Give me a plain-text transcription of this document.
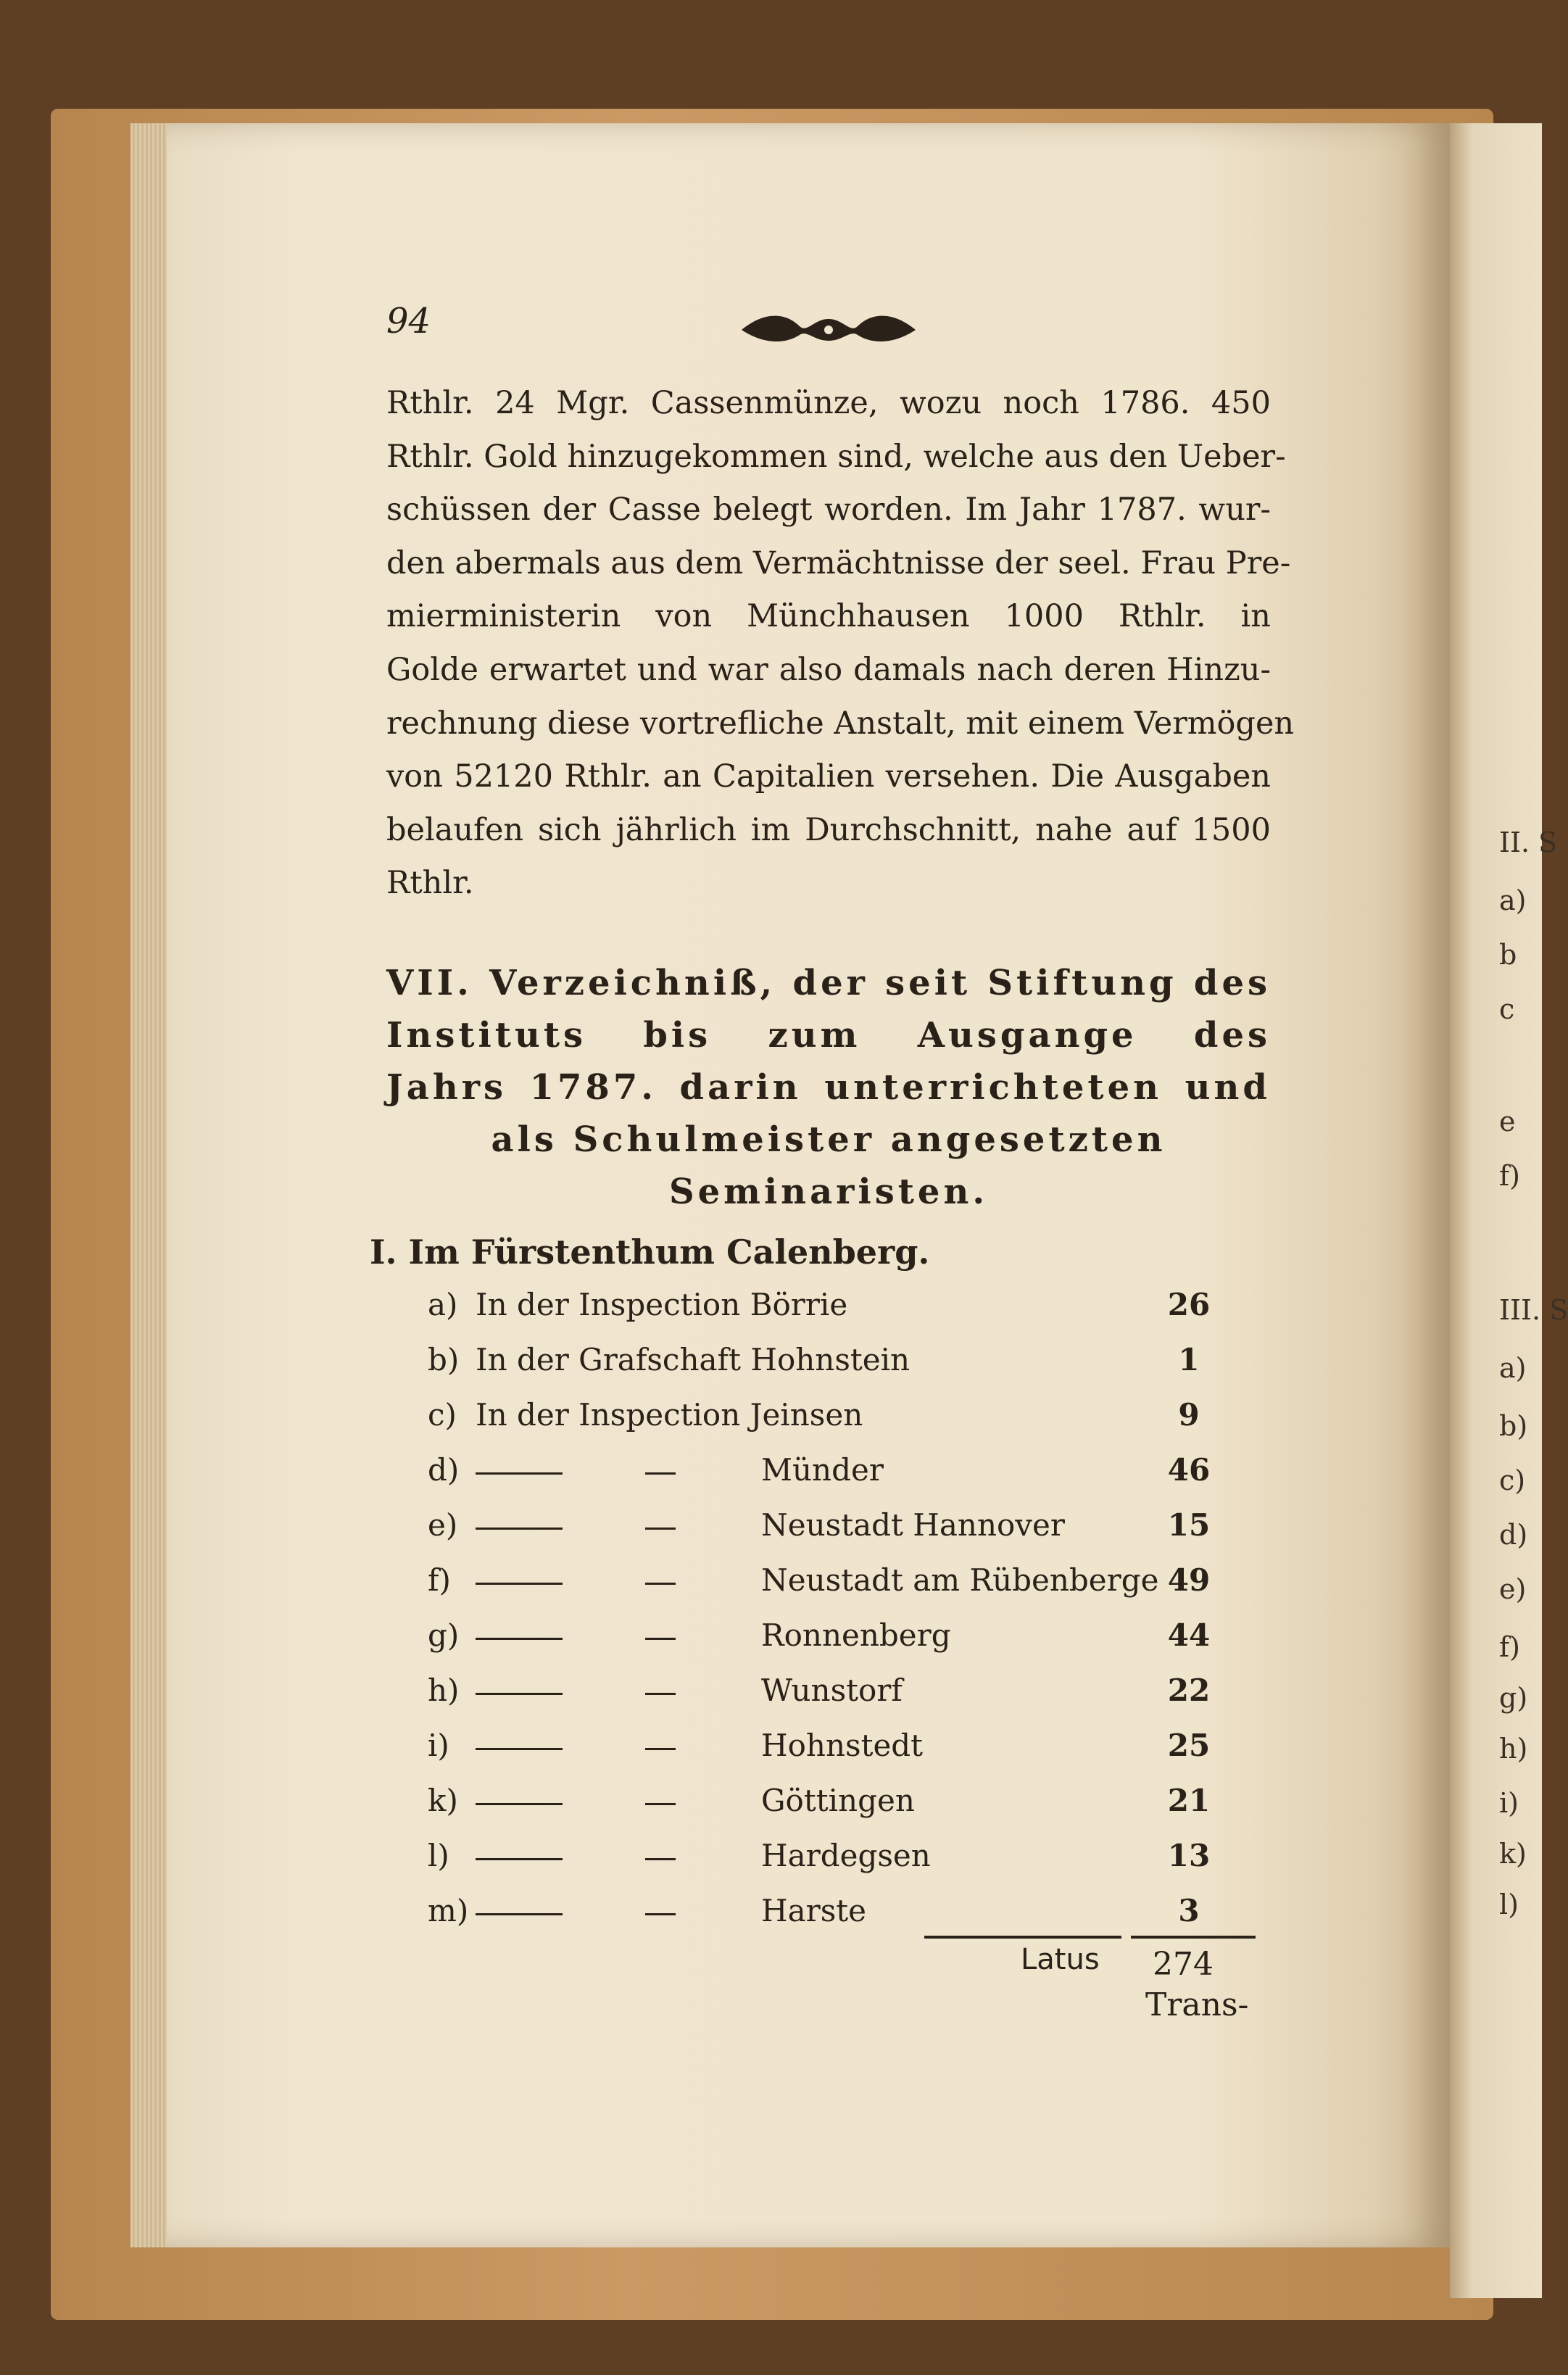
II. S
a)
b
c
e
f)
III. S
a)
b)
c)
d)
e)
f)
g)
h)
i)
k)
l)
94
Rthlr. 24 Mgr. Cassenmünze, wozu noch 1786. 450
Rthlr. Gold hinzugekommen sind, welche aus den Ueber-
schüssen der Casse belegt worden. Im Jahr 1787. wur-
den abermals aus dem Vermächtnisse der seel. Frau Pre-
mierministerin von Münchhausen 1000 Rthlr. in
Golde erwartet und war also damals nach deren Hinzu-
rechnung diese vortrefliche Anstalt, mit einem Vermögen
von 52120 Rthlr. an Capitalien versehen. Die Ausgaben
belaufen sich jährlich im Durchschnitt, nahe auf 1500
Rthlr.
VII. Verzeichniß, der seit Stiftung des
Instituts bis zum Ausgange des
Jahrs 1787. darin unterrichteten und
als Schulmeister angesetzten
Seminaristen.
I. Im Fürstenthum Calenberg.
a) In der Inspection Börrie	26
b) In der Grafschaft Hohnstein	1
c) In der Inspection Jeinsen	9
d)	Münder	46
e)	Neustadt Hannover	15
f)	Neustadt am Rübenberge 49
g)	Ronnenberg	44
h)	Wunstorf	22
i)	Hohnstedt	25
k)	Göttingen	21
l)	Hardegsen	13
m)	Harste	3
Latus 274
Trans-
